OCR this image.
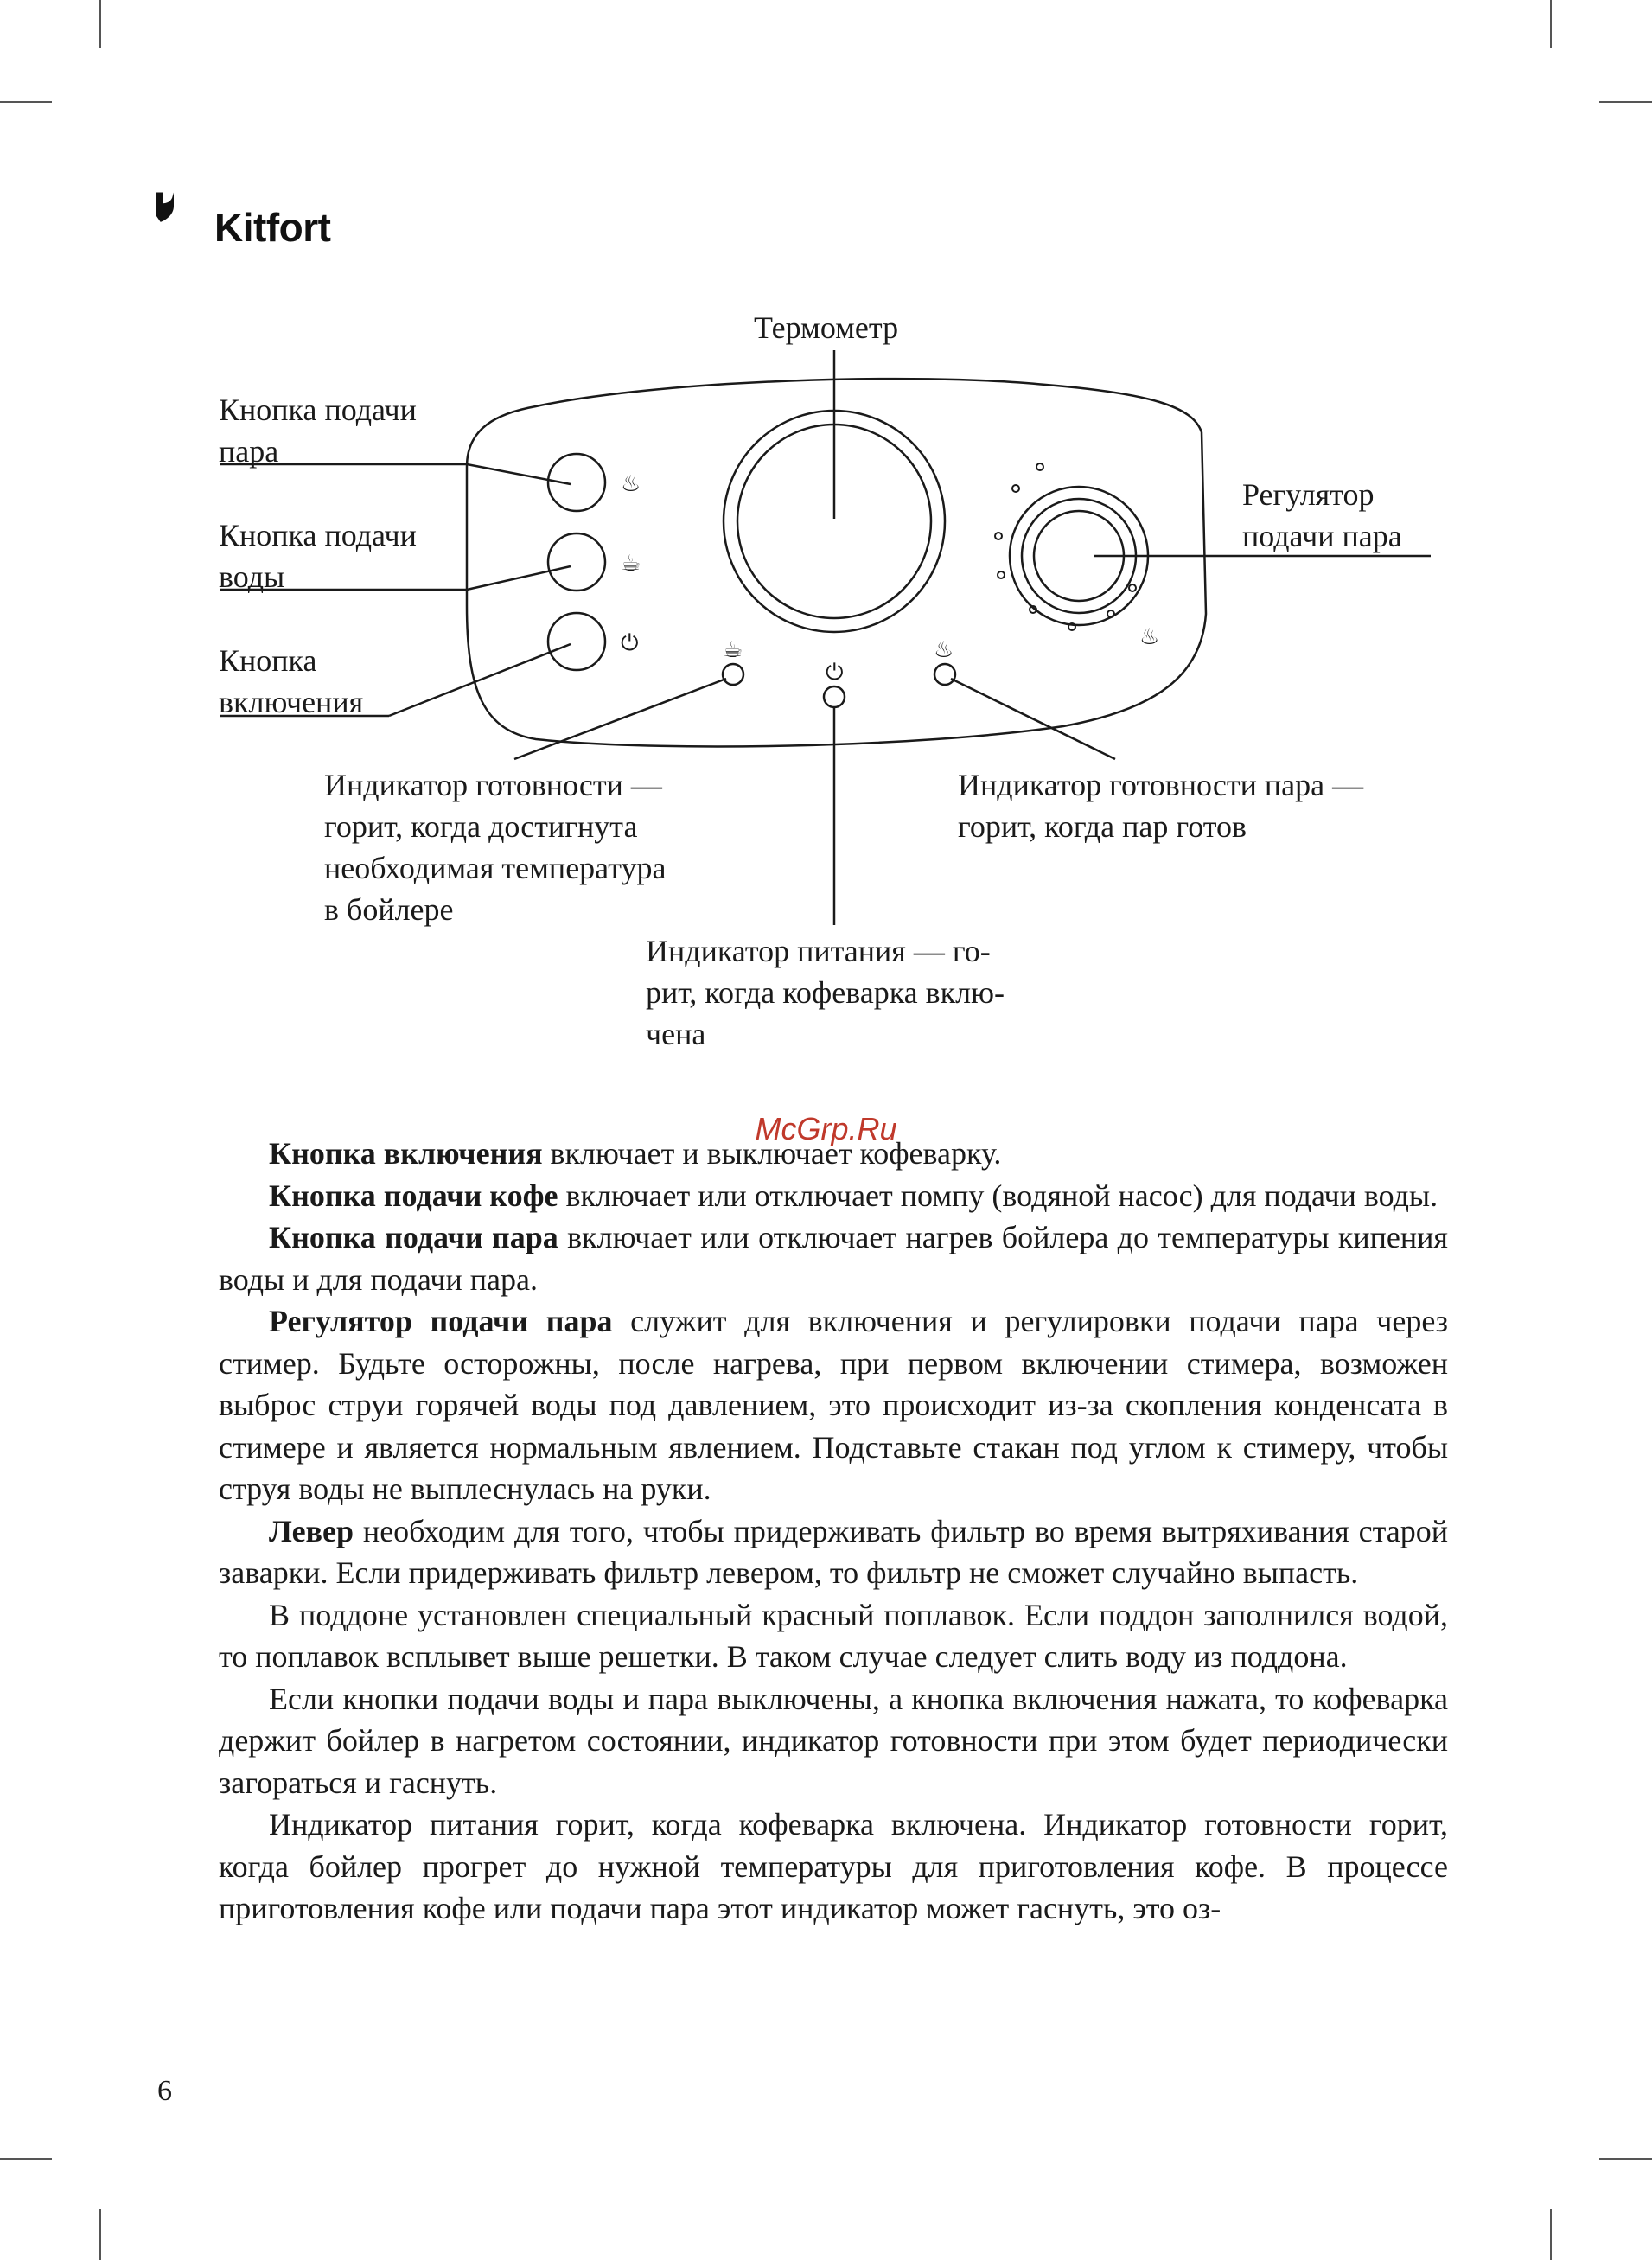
Kitfort
♨
☕
⏻	☕
⏻
♨	♨
Термометр
Кнопка подачи
пара
Кнопка подачи
воды
Кнопка
включения
Регулятор
подачи пара
Индикатор готовности —
горит, когда достигнута
необходимая температура
в бойлере
Индикатор готовности пара —
горит, когда пар готов
Индикатор питания — го-
рит, когда кофеварка вклю-
чена
McGrp.Ru

Кнопка включения включает и выключает кофеварку.

Кнопка подачи кофе включает или отключает помпу (водяной насос) для подачи воды.

Кнопка подачи пара включает или отключает нагрев бойлера до температуры кипения воды и для подачи пара.

Регулятор подачи пара служит для включения и регулировки подачи пара через стимер. Будьте осторожны, после нагрева, при первом включении стимера, возможен выброс струи горячей воды под давлением, это происходит из-за скопления конденсата в стимере и является нормальным явлением. Подставьте стакан под углом к стимеру, чтобы струя воды не выплеснулась на руки.

Левер необходим для того, чтобы придерживать фильтр во время вытряхивания старой заварки. Если придерживать фильтр левером, то фильтр не сможет случайно выпасть.

В поддоне установлен специальный красный поплавок. Если поддон заполнился водой, то поплавок всплывет выше решетки. В таком случае следует слить воду из поддона.

Если кнопки подачи воды и пара выключены, а кнопка включения нажата, то кофеварка держит бойлер в нагретом состоянии, индикатор готовности при этом будет периодически загораться и гаснуть.

Индикатор питания горит, когда кофеварка включена. Индикатор готовности горит, когда бойлер прогрет до нужной температуры для приготовления кофе. В процессе приготовления кофе или подачи пара этот индикатор может гаснуть, это оз-

6
